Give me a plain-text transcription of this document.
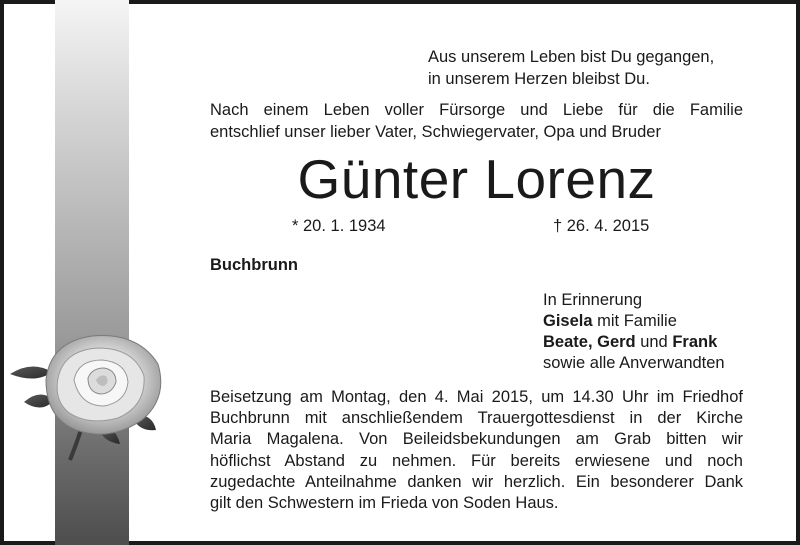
Aus unserem Leben bist Du gegangen,
in unserem Herzen bleibst Du.
Nach einem Leben voller Fürsorge und Liebe für die Familie
entschlief unser lieber Vater, Schwiegervater, Opa und Bruder
Günter Lorenz
* 20. 1. 1934	† 26. 4. 2015
Buchbrunn
In Erinnerung
Gisela mit Familie
Beate, Gerd und Frank
sowie alle Anverwandten
Beisetzung am Montag, den 4. Mai 2015, um 14.30 Uhr im Friedhof
Buchbrunn mit anschließendem Trauergottesdienst in der Kirche
Maria Magalena. Von Beileidsbekundungen am Grab bitten wir
höflichst Abstand zu nehmen. Für bereits erwiesene und noch
zugedachte Anteilnahme danken wir herzlich. Ein besonderer Dank
gilt den Schwestern im Frieda von Soden Haus.
